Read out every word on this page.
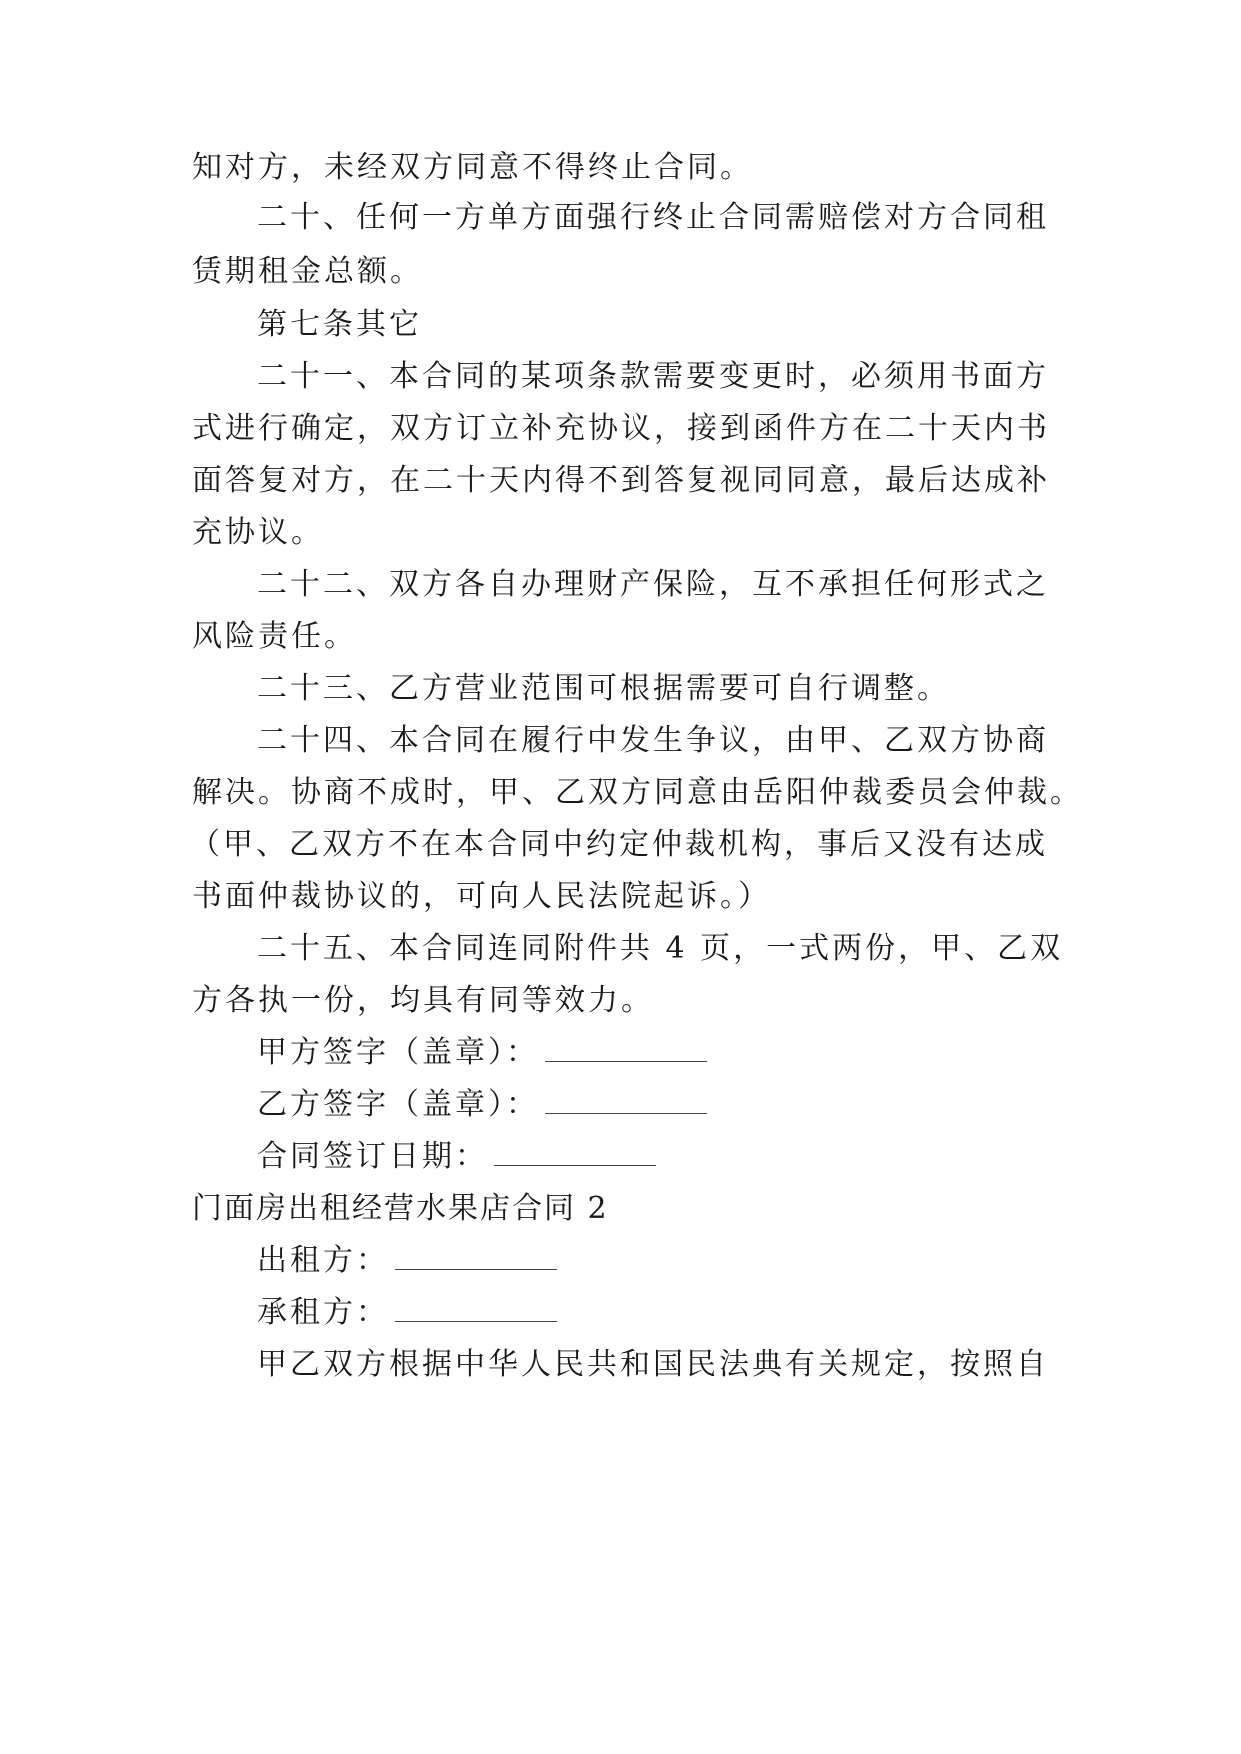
知对方，未经双方同意不得终止合同。
二十、任何一方单方面强行终止合同需赔偿对方合同租
赁期租金总额。
第七条其它
二十一、本合同的某项条款需要变更时，必须用书面方
式进行确定，双方订立补充协议，接到函件方在二十天内书
面答复对方，在二十天内得不到答复视同同意，最后达成补
充协议。
二十二、双方各自办理财产保险，互不承担任何形式之
风险责任。
二十三、乙方营业范围可根据需要可自行调整。
二十四、本合同在履行中发生争议，由甲、乙双方协商
解决。协商不成时，甲、乙双方同意由岳阳仲裁委员会仲裁。
（甲、乙双方不在本合同中约定仲裁机构，事后又没有达成
书面仲裁协议的，可向人民法院起诉。）
二十五、本合同连同附件共 4 页，一式两份，甲、乙双
方各执一份，均具有同等效力。
甲方签字（盖章）：
乙方签字（盖章）：
合同签订日期：
门面房出租经营水果店合同 2
出租方：
承租方：
甲乙双方根据中华人民共和国民法典有关规定，按照自
